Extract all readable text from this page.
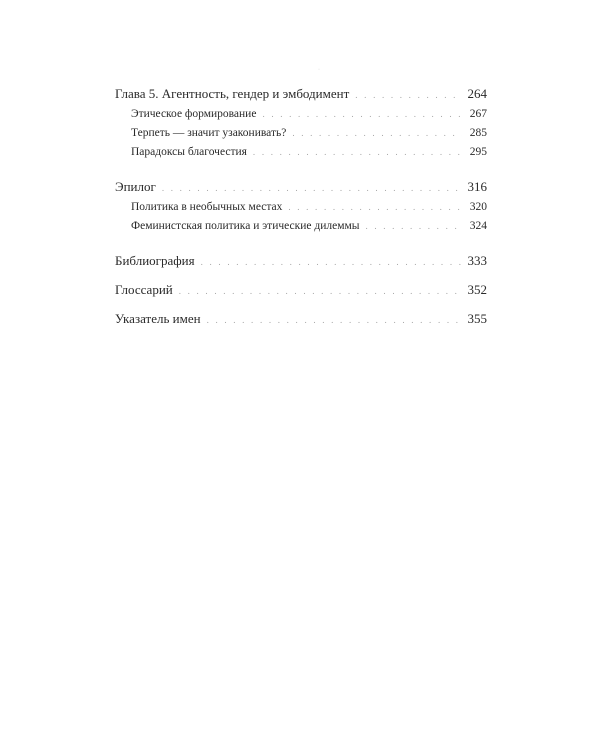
·
Глава 5. Агентность, гендер и эмбодимент . . .	264
Этическое формирование . . .	267
Терпеть — значит узаконивать? . . .	285
Парадоксы благочестия . . .	295
Эпилог . . .	316
Политика в необычных местах . . .	320
Феминистская политика и этические дилеммы . . .	324
Библиография . . .	333
Глоссарий . . .	352
Указатель имен . . .	355
